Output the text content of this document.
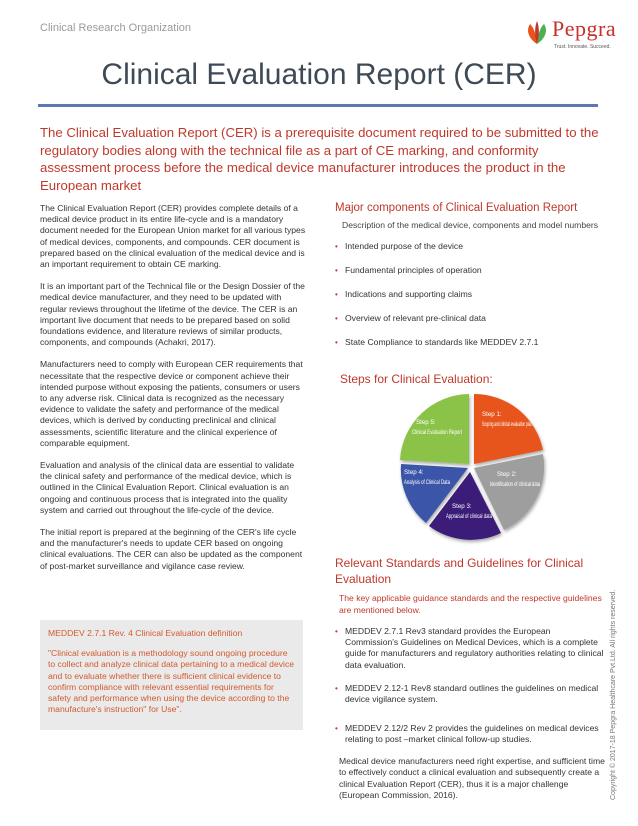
Clinical Research Organization	Pepgra
Trust. Innovate. Succeed.
Clinical Evaluation Report (CER)
The Clinical Evaluation Report (CER) is a prerequisite document required to be submitted to the regulatory bodies along with the technical file as a part of CE marking, and conformity assessment process before the medical device manufacturer introduces the product in the European market

The Clinical Evaluation Report (CER) provides complete details of a medical device product in its entire life-cycle and is a mandatory document needed for the European Union market for all various types of medical devices, components, and compounds. CER document is prepared based on the clinical evaluation of the medical device and is an important requirement to obtain CE marking.

It is an important part of the Technical file or the Design Dossier of the medical device manufacturer, and they need to be updated with regular reviews throughout the lifetime of the device. The CER is an important live document that needs to be prepared based on solid foundations evidence, and literature reviews of similar products, components, and compounds (Achakri, 2017).

Manufacturers need to comply with European CER requirements that necessitate that the respective device or component achieve their intended purpose without exposing the patients, consumers or users to any adverse risk. Clinical data is recognized as the necessary evidence to validate the safety and performance of the medical devices, which is derived by conducting preclinical and clinical assessments, scientific literature and the clinical experience of comparable equipment.

Evaluation and analysis of the clinical data are essential to validate the clinical safety and performance of the medical device, which is outlined in the Clinical Evaluation Report. Clinical evaluation is an ongoing and continuous process that is integrated into the quality system and carried out throughout the life-cycle of the device.

The initial report is prepared at the beginning of the CER's life cycle and the manufacturer's needs to update CER based on ongoing clinical evaluations. The CER can also be updated as the component of post-market surveillance and vigilance case review.

MEDDEV 2.7.1 Rev. 4 Clinical Evaluation definition
"Clinical evaluation is a methodology sound ongoing procedure to collect and analyze clinical data pertaining to a medical device and to evaluate whether there is sufficient clinical evidence to confirm compliance with relevant essential requirements for safety and performance when using the device according to the manufacture's instruction" for Use".
Major components of Clinical Evaluation Report
Description of the medical device, components and model numbers
• Intended purpose of the device
• Fundamental principles of operation
• Indications and supporting claims
• Overview of relevant pre-clinical data
• State Compliance to standards like MEDDEV 2.7.1
Steps for Clinical Evaluation:
Step 1:
Scoping and clinical evaluation plan
Step 2:
Identification of clinical data
Step 3:
Appraisal of clinical data
Step 4:
Analysis of Clinical Data
Step 5:
Clinical Evaluation Report
Relevant Standards and Guidelines for Clinical Evaluation
The key applicable guidance standards and the respective guidelines are mentioned below.
• MEDDEV 2.7.1 Rev3 standard provides the European Commission's Guidelines on Medical Devices, which is a complete guide for manufacturers and regulatory authorities relating to clinical data evaluation.
• MEDDEV 2.12-1 Rev8 standard outlines the guidelines on medical device vigilance system.
• MEDDEV 2.12/2 Rev 2 provides the guidelines on medical devices relating to post –market clinical follow-up studies.
Medical device manufacturers need right expertise, and sufficient time to effectively conduct a clinical evaluation and subsequently create a clinical Evaluation Report (CER), thus it is a major challenge (European Commission, 2016).	Copyright © 2017-18 Pepgra Healthcare Pvt.Ltd. All rights reserved.
